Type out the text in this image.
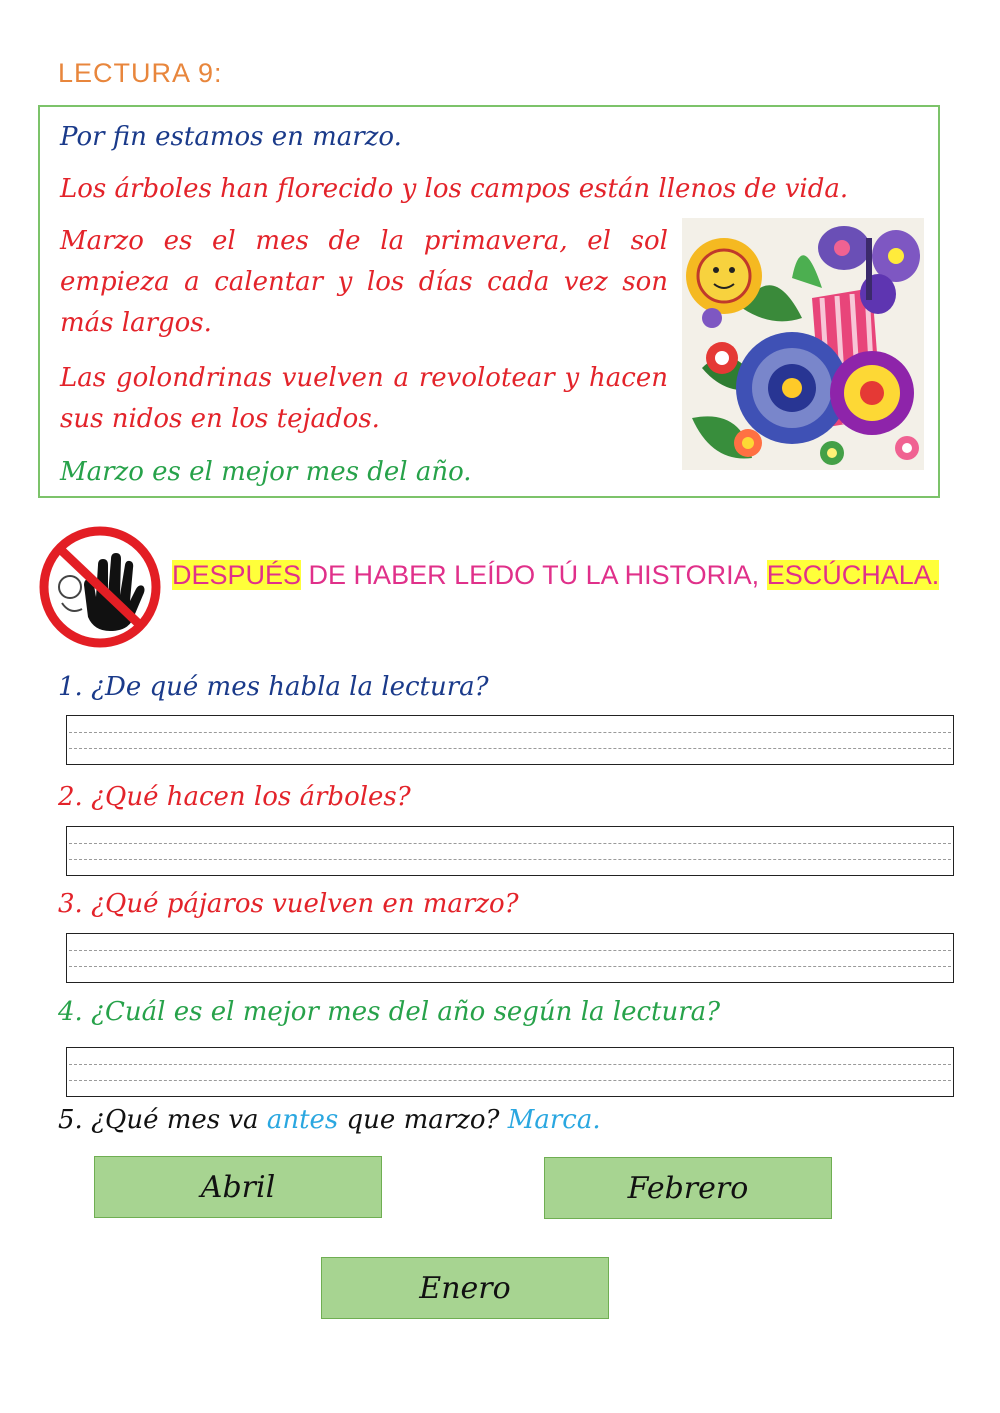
LECTURA 9:
Por fin estamos en marzo.
Los árboles han florecido y los campos están llenos de vida.
Marzo es el mes de la primavera, el sol empieza a calentar y los días cada vez son más largos.
Las golondrinas vuelven a revolotear y hacen sus nidos en los tejados.
Marzo es el mejor mes del año.
DESPUÉS DE HABER LEÍDO TÚ LA HISTORIA, ESCÚCHALA.
1. ¿De qué mes habla la lectura?
2. ¿Qué hacen los árboles?
3. ¿Qué pájaros vuelven en marzo?
4. ¿Cuál es el mejor mes del año según la lectura?
5. ¿Qué mes va antes que marzo? Marca.
Abril	Febrero
Enero
